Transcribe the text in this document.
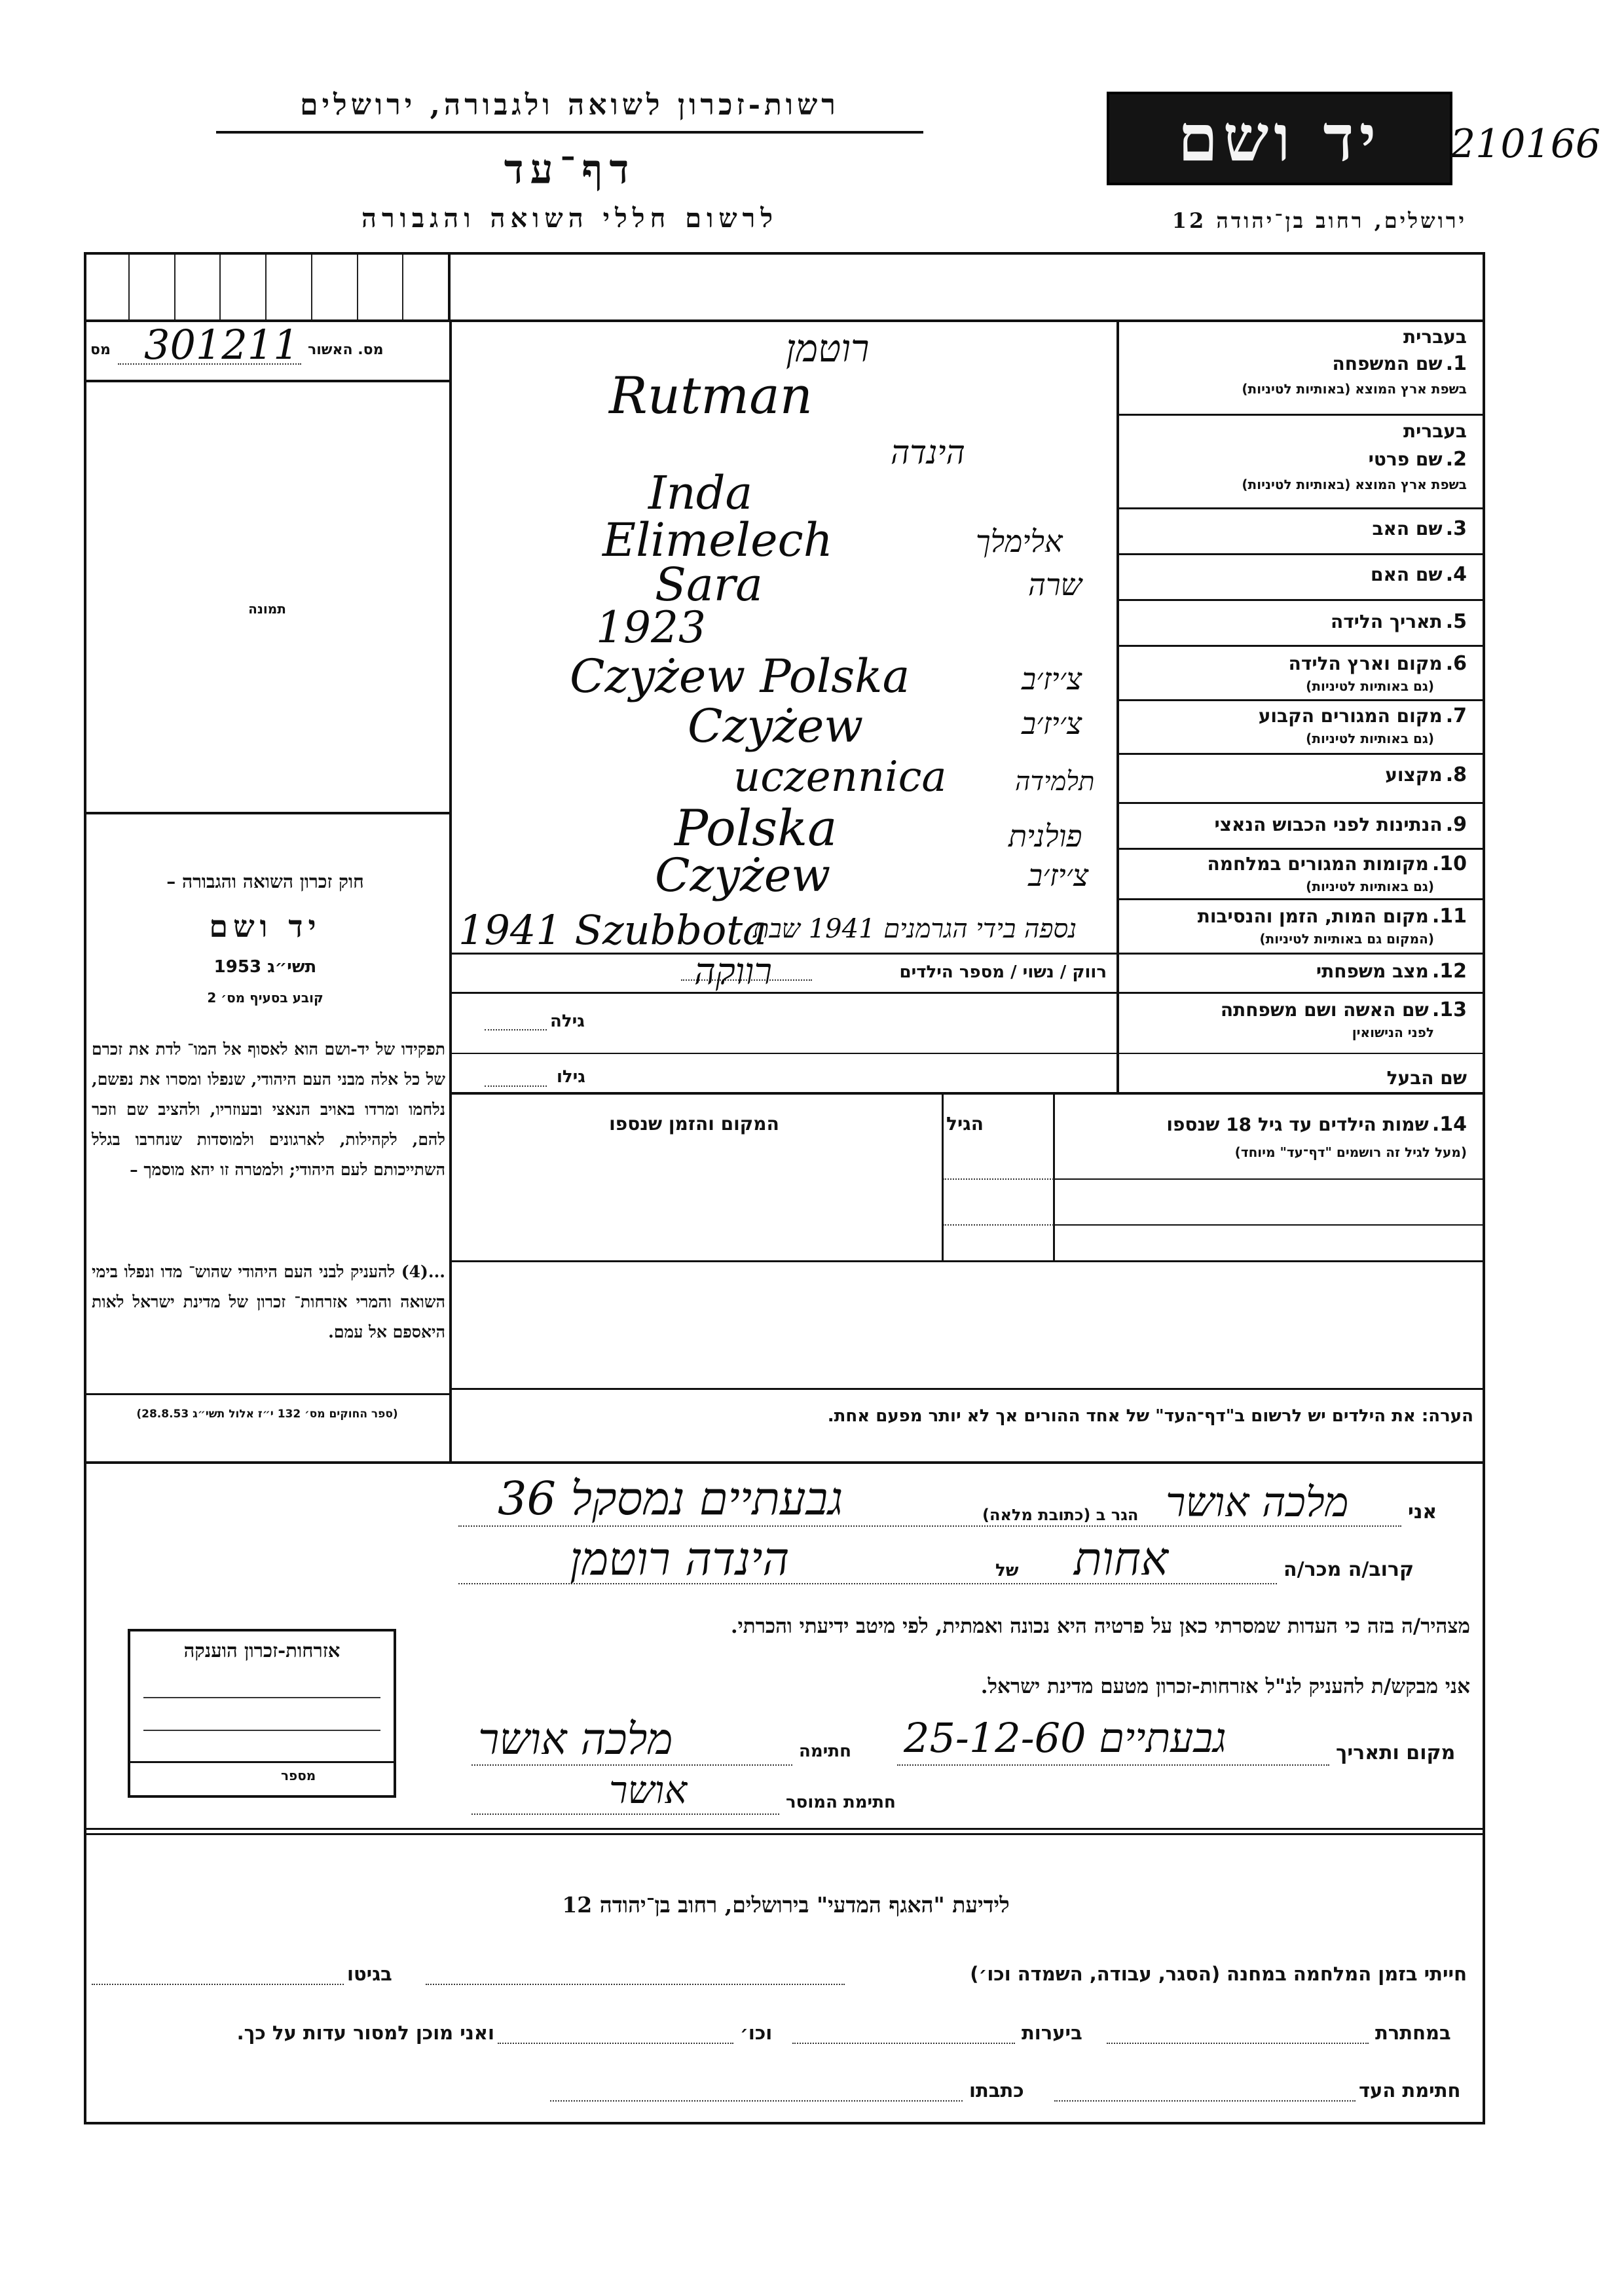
רשות-זכרון לשואה ולגבורה, ירושלים
דף־עד
לרשום חללי השואה והגבורה
יד ושם	210166
ירושלים, רחוב בן־יהודה 12
מס. האשור
מס 301211
תמונה
חוק זכרון השואה והגבורה –
יד ושם
תשי״ג 1953
קובע בסעיף מס׳ 2
תפקידו של יד-ושם הוא לאסוף אל המו־ לדת את זכרם של כל אלה מבני העם היהודי, שנפלו ומסרו את נפשם, נלחמו ומרדו באויב הנאצי ובעוזריו, ולהציב שם וזכר להם, לקהילות, לארגונים ולמוסדות שנחרבו בגלל השתייכותם לעם היהודי; ולמטרה זו יהא מוסמך –
...(4) להעניק לבני העם היהודי שהוש־ מדו ונפלו בימי השואה והמרי אזרחות־ זכרון של מדינת ישראל לאות היאספם אל עמם.
(ספר החוקים מס׳ 132 י״ז אלול תשי״ג 28.8.53)
בעברית
1. שם המשפחה
בשפת ארץ המוצא (באותיות לטיניות)
בעברית
2. שם פרטי
בשפת ארץ המוצא (באותיות לטיניות)
3. שם האב
4. שם האם
5. תאריך הלידה
6. מקום וארץ הלידה
(גם באותיות לטיניות)
7. מקום המגורים הקבוע
(גם באותיות לטיניות)
8. מקצוע
9. הנתינות לפני הכבוש הנאצי
10. מקומות המגורים במלחמה
(גם באותיות לטיניות)
11. מקום המות, הזמן והנסיבות
(המקום גם באותיות לטיניות)
12. מצב משפחתי
רווק / נשוי / מספר הילדים
13. שם האשה ושם משפחתה
לפני הנישואין
גילה
שם הבעל
גילו
רוטמן
Rutman
הינדה
Inda
אלימלך
Elimelech
שרה
Sara
1923
צ׳יז׳ב
Czyżew Polska
צ׳יז׳ב
Czyżew
תלמידה
uczennica
פולנית
Polska
צ׳יז׳ב
Czyżew
נספה בידי הגרמנים 1941 שבת
1941 Szubbota
רווקה
14. שמות הילדים עד גיל 18 שנספו
(מעל לגיל זה רושמים "דף־עד" מיוחד)
הגיל
המקום והזמן שנספו
הערה: את הילדים יש לרשום ב"דף־העד" של אחד ההורים אך לא יותר מפעם אחת.
אני
מלכה אושר
הגר ב (כתובת מלאה)
גבעתיים נמסקל 36
קרוב/ה מכר/ה
אחות
של
הינדה רוטמן
מצהיר/ה בזה כי העדות שמסרתי כאן על פרטיה היא נכונה ואמתית, לפי מיטב ידיעתי והכרתי.
אני מבקש/ת להעניק לנ"ל אזרחות-זכרון מטעם מדינת ישראל.
מקום ותאריך
גבעתיים 25-12-60
חתימה
מלכה אושר
חתימת המוסר
אושר
אזרחות-זכרון הוענקה
מספר
לידיעת "האגף המדעי" בירושלים, רחוב בן־יהודה 12
חייתי בזמן המלחמה במחנה (הסגר, עבודה, השמדה וכו׳)
בגיטו
במחתרת
ביערות
וכו׳
ואני מוכן למסור עדות על כך.
חתימת העד
כתבתו
